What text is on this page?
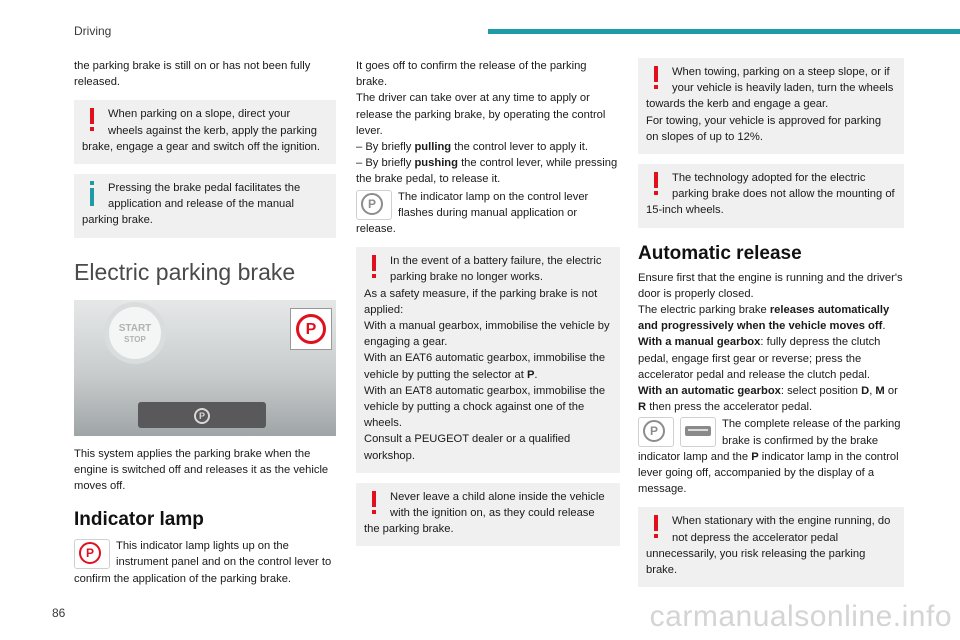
Driving

the parking brake is still on or has not been fully released.

When parking on a slope, direct your wheels against the kerb, apply the parking brake, engage a gear and switch off the ignition.
Pressing the brake pedal facilitates the application and release of the manual parking brake.
Electric parking brake
START
STOP
P
P

This system applies the parking brake when the engine is switched off and releases it as the vehicle moves off.

Indicator lamp
P	This indicator lamp lights up on the instrument panel and on the control lever to confirm the application of the parking brake.

It goes off to confirm the release of the parking brake.

The driver can take over at any time to apply or release the parking brake, by operating the control lever.

– By briefly pulling the control lever to apply it.

– By briefly pushing the control lever, while pressing the brake pedal, to release it.

P	The indicator lamp on the control lever flashes during manual application or release.
In the event of a battery failure, the electric parking brake no longer works.

As a safety measure, if the parking brake is not applied:

With a manual gearbox, immobilise the vehicle by engaging a gear.

With an EAT6 automatic gearbox, immobilise the vehicle by putting the selector at P.

With an EAT8 automatic gearbox, immobilise the vehicle by putting a chock against one of the wheels.

Consult a PEUGEOT dealer or a qualified workshop.

Never leave a child alone inside the vehicle with the ignition on, as they could release the parking brake.
When towing, parking on a steep slope, or if your vehicle is heavily laden, turn the wheels towards the kerb and engage a gear.

For towing, your vehicle is approved for parking on slopes of up to 12%.

The technology adopted for the electric parking brake does not allow the mounting of 15-inch wheels.
Automatic release

Ensure first that the engine is running and the driver's door is properly closed.

The electric parking brake releases automatically and progressively when the vehicle moves off.

With a manual gearbox: fully depress the clutch pedal, engage first gear or reverse; press the accelerator pedal and release the clutch pedal.

With an automatic gearbox: select position D, M or R then press the accelerator pedal.

P	The complete release of the parking brake is confirmed by the brake indicator lamp and the P indicator lamp in the control lever going off, accompanied by the display of a message.
When stationary with the engine running, do not depress the accelerator pedal unnecessarily, you risk releasing the parking brake.
86	carmanualsonline.info
